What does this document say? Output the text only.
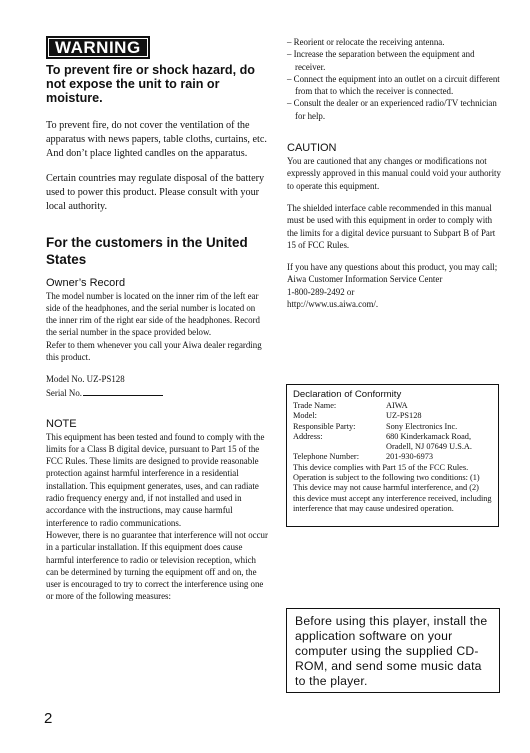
WARNING

To prevent fire or shock hazard, do not expose the unit to rain or moisture.

To prevent fire, do not cover the ventilation of the apparatus with news papers, table cloths, curtains, etc. And don’t place lighted candles on the apparatus.

Certain countries may regulate disposal of the battery used to power this product. Please consult with your local authority.

For the customers in the United States

Owner’s Record

The model number is located on the inner rim of the left ear side of the headphones, and the serial number is located on the inner rim of the right ear side of the headphones. Record the serial number in the space provided below.

Refer to them whenever you call your Aiwa dealer regarding this product.

Model No. UZ-PS128
Serial No.

NOTE

This equipment has been tested and found to comply with the limits for a Class B digital device, pursuant to Part 15 of the FCC Rules. These limits are designed to provide reasonable protection against harmful interference in a residential installation. This equipment generates, uses, and can radiate radio frequency energy and, if not installed and used in accordance with the instructions, may cause harmful interference to radio communications.

However, there is no guarantee that interference will not occur in a particular installation. If this equipment does cause harmful interference to radio or television reception, which can be determined by turning the equipment off and on, the user is encouraged to try to correct the interference using one or more of the following measures:

– Reorient or relocate the receiving antenna.
– Increase the separation between the equipment and receiver.
– Connect the equipment into an outlet on a circuit different from that to which the receiver is connected.
– Consult the dealer or an experienced radio/TV technician for help.

CAUTION

You are cautioned that any changes or modifications not expressly approved in this manual could void your authority to operate this equipment.

The shielded interface cable recommended in this manual must be used with this equipment in order to comply with the limits for a digital device pursuant to Subpart B of Part 15 of FCC Rules.

If you have any questions about this product, you may call;

Aiwa Customer Information Service Center

1-800-289-2492 or

http://www.us.aiwa.com/.

Declaration of Conformity

Trade Name:	AIWA
Model:	UZ-PS128
Responsible Party:	Sony Electronics Inc.
Address:	680 Kinderkamack Road,
Oradell, NJ 07649 U.S.A.
Telephone Number:	201-930-6973

This device complies with Part 15 of the FCC Rules. Operation is subject to the following two conditions: (1) This device may not cause harmful interference, and (2) this device must accept any interference received, including interference that may cause undesired operation.

Before using this player, install the application software on your computer using the supplied CD-ROM, and send some music data to the player.
2
